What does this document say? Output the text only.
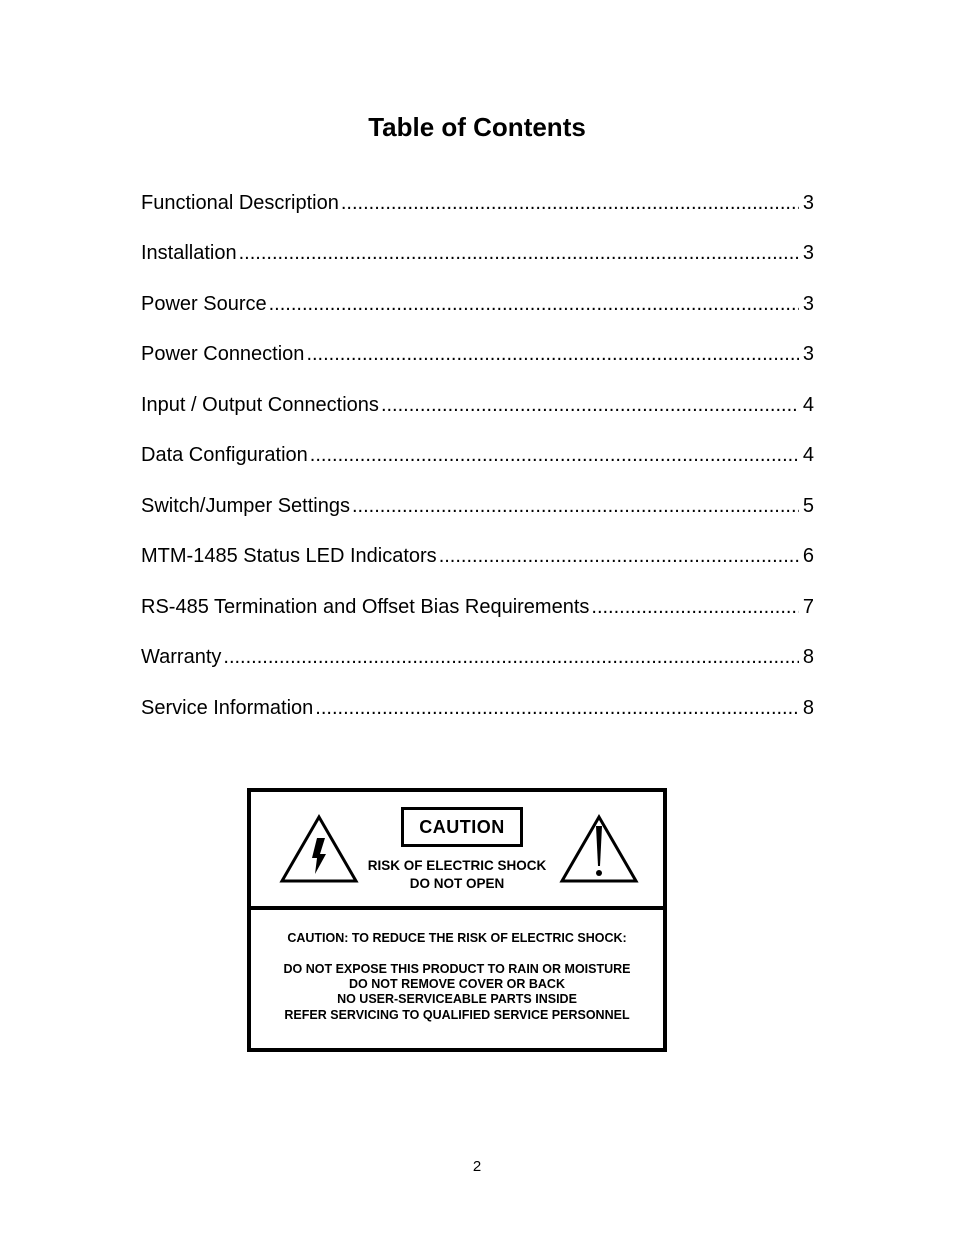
Table of Contents
Functional Description .....	3
Installation .....	3
Power Source .....	3
Power Connection .....	3
Input / Output Connections .....	4
Data Configuration .....	4
Switch/Jumper Settings .....	5
MTM-1485 Status LED Indicators .....	6
RS-485 Termination and Offset Bias Requirements .....	7
Warranty .....	8
Service Information .....	8
CAUTION
RISK OF ELECTRIC SHOCK
DO NOT OPEN
CAUTION: TO REDUCE THE RISK OF ELECTRIC SHOCK:
DO NOT EXPOSE THIS PRODUCT TO RAIN OR MOISTURE
DO NOT REMOVE COVER OR BACK
NO USER-SERVICEABLE PARTS INSIDE
REFER SERVICING TO QUALIFIED SERVICE PERSONNEL
2
